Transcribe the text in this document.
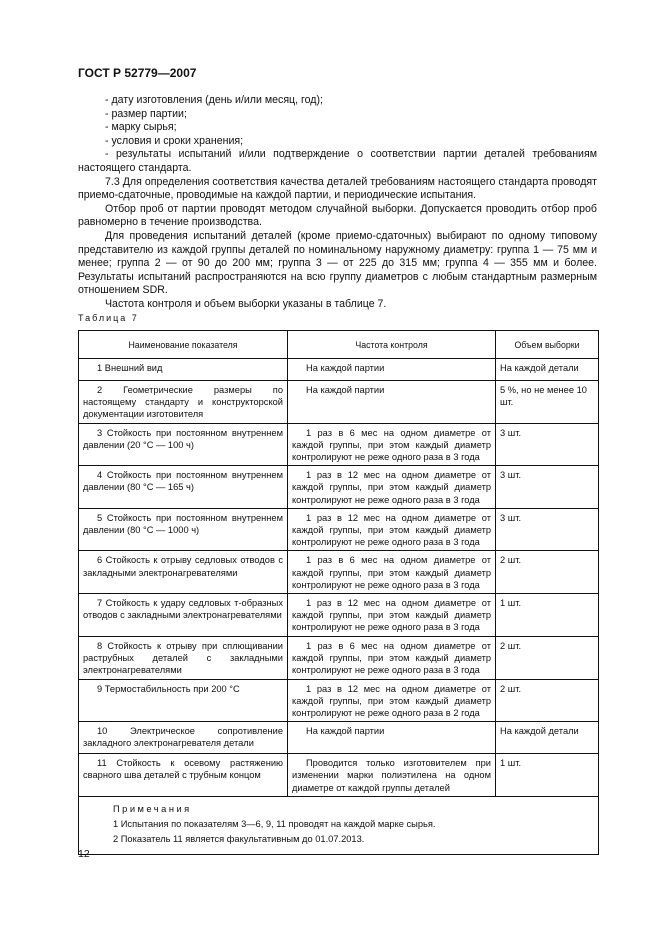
ГОСТ Р 52779—2007

- дату изготовления (день и/или месяц, год);

- размер партии;

- марку сырья;

- условия и сроки хранения;

- результаты испытаний и/или подтверждение о соответствии партии деталей требованиям настоящего стандарта.

7.3 Для определения соответствия качества деталей требованиям настоящего стандарта проводят приемо-сдаточные, проводимые на каждой партии, и периодические испытания.

Отбор проб от партии проводят методом случайной выборки. Допускается проводить отбор проб равномерно в течение производства.

Для проведения испытаний деталей (кроме приемо-сдаточных) выбирают по одному типовому представителю из каждой группы деталей по номинальному наружному диаметру: группа 1 — 75 мм и менее; группа 2 — от 90 до 200 мм; группа 3 — от 225 до 315 мм; группа 4 — 355 мм и более. Результаты испытаний распространяются на всю группу диаметров с любым стандартным размерным отношением SDR.

Частота контроля и объем выборки указаны в таблице 7.

Таблица 7
Наименование показателя	Частота контроля	Объем выборки

1 Внешний вид	На каждой партии	На каждой детали

2 Геометрические размеры по настоящему стандарту и конструкторской документации изготовителя	На каждой партии	5 %, но не менее 10 шт.

3 Стойкость при постоянном внутреннем давлении (20 °C — 100 ч)	1 раз в 6 мес на одном диаметре от каждой группы, при этом каждый диаметр контролируют не реже одного раза в 3 года	3 шт.

4 Стойкость при постоянном внутреннем давлении (80 °C — 165 ч)	1 раз в 12 мес на одном диаметре от каждой группы, при этом каждый диаметр контролируют не реже одного раза в 3 года	3 шт.

5 Стойкость при постоянном внутреннем давлении (80 °C — 1000 ч)	1 раз в 12 мес на одном диаметре от каждой группы, при этом каждый диаметр контролируют не реже одного раза в 3 года	3 шт.

6 Стойкость к отрыву седловых отводов с закладными электронагревателями	1 раз в 6 мес на одном диаметре от каждой группы, при этом каждый диаметр контролируют не реже одного раза в 3 года	2 шт.

7 Стойкость к удару седловых т-образных отводов с закладными электронагревателями	1 раз в 12 мес на одном диаметре от каждой группы, при этом каждый диаметр контролируют не реже одного раза в 3 года	1 шт.

8 Стойкость к отрыву при сплющивании раструбных деталей с закладными электронагревателями	1 раз в 6 мес на одном диаметре от каждой группы, при этом каждый диаметр контролируют не реже одного раза в 3 года	2 шт.

9 Термостабильность при 200 °C	1 раз в 12 мес на одном диаметре от каждой группы, при этом каждый диаметр контролируют не реже одного раза в 2 года	2 шт.

10 Электрическое сопротивление закладного электронагревателя детали	На каждой партии	На каждой детали

11 Стойкость к осевому растяжению сварного шва деталей с трубным концом	Проводится только изготовителем при изменении марки полиэтилена на одном диаметре от каждой группы деталей	1 шт.

Примечания
1 Испытания по показателям 3—6, 9, 11 проводят на каждой марке сырья.
2 Показатель 11 является факультативным до 01.07.2013.		
12
